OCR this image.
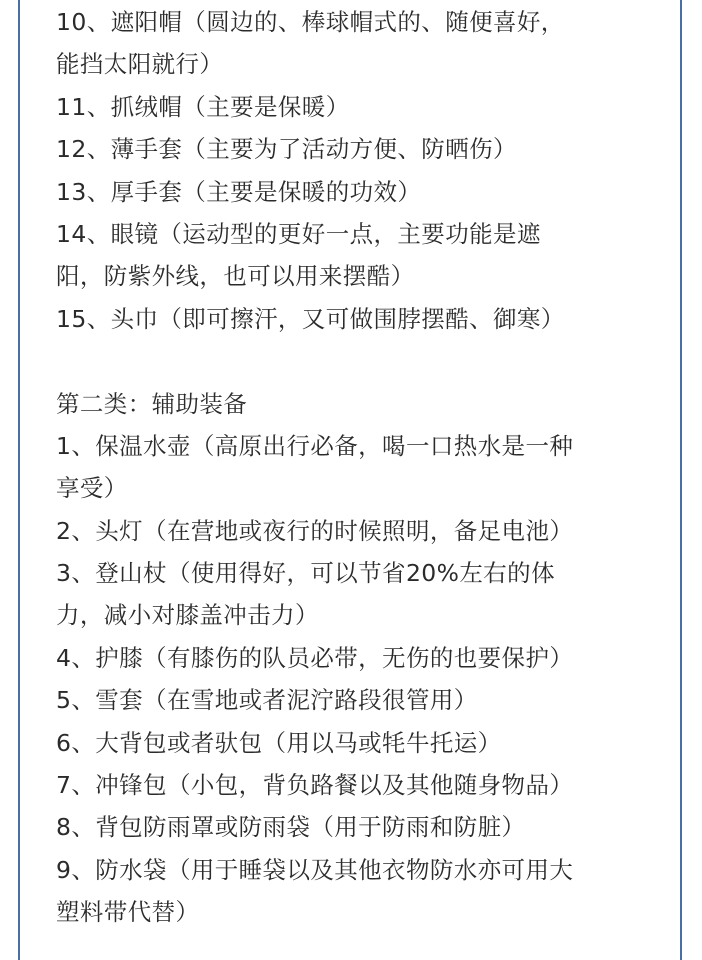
10、遮阳帽（圆边的、棒球帽式的、随便喜好，
能挡太阳就行）
11、抓绒帽（主要是保暖）
12、薄手套（主要为了活动方便、防晒伤）
13、厚手套（主要是保暖的功效）
14、眼镜（运动型的更好一点，主要功能是遮
阳，防紫外线，也可以用来摆酷）
15、头巾（即可擦汗，又可做围脖摆酷、御寒）
第二类：辅助装备
1、保温水壶（高原出行必备，喝一口热水是一种
享受）
2、头灯（在营地或夜行的时候照明，备足电池）
3、登山杖（使用得好，可以节省20%左右的体
力，减小对膝盖冲击力）
4、护膝（有膝伤的队员必带，无伤的也要保护）
5、雪套（在雪地或者泥泞路段很管用）
6、大背包或者驮包（用以马或牦牛托运）
7、冲锋包（小包，背负路餐以及其他随身物品）
8、背包防雨罩或防雨袋（用于防雨和防脏）
9、防水袋（用于睡袋以及其他衣物防水亦可用大
塑料带代替）
